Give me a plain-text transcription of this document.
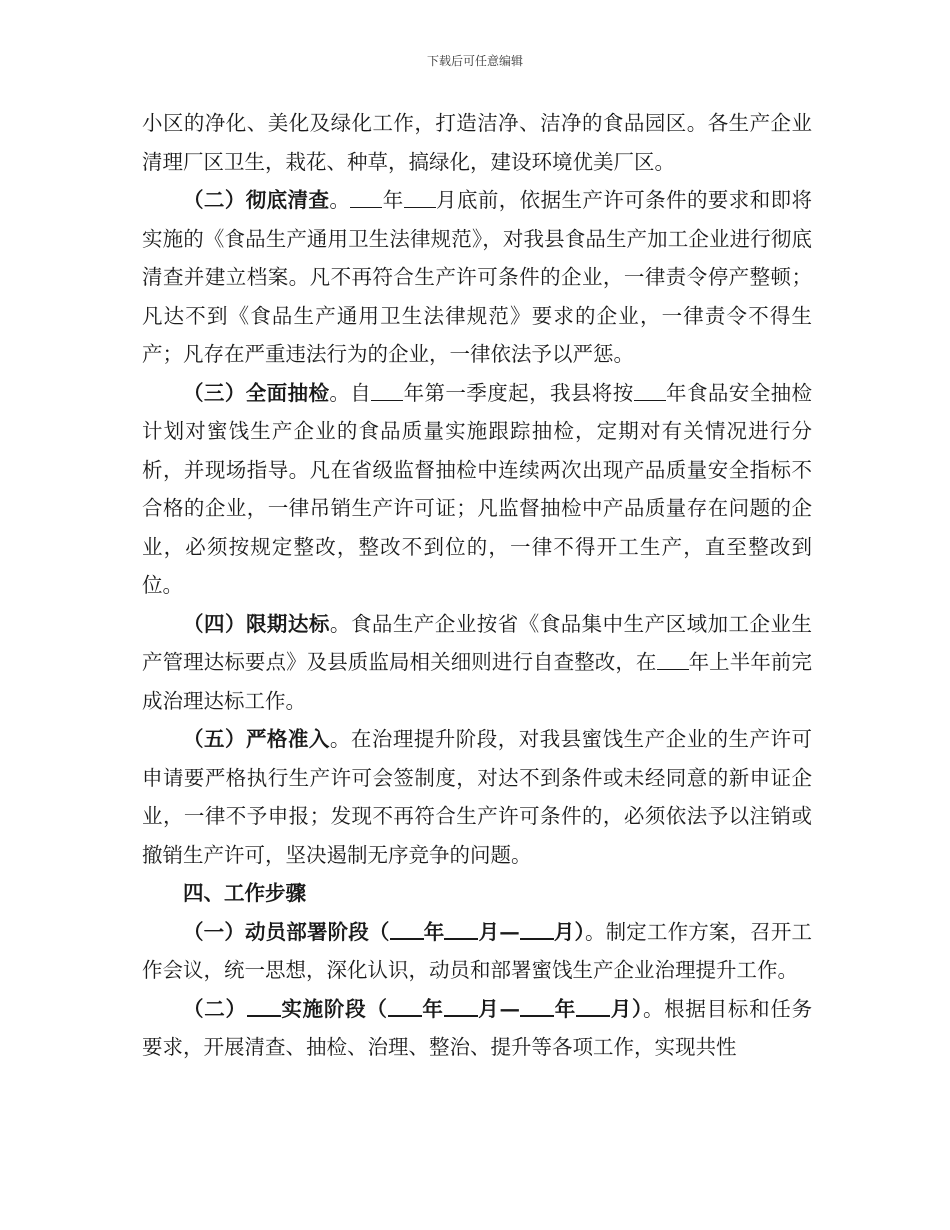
下载后可任意编辑

小区的净化、美化及绿化工作，打造洁净、洁净的食品园区。各生产企业清理厂区卫生，栽花、种草，搞绿化，建设环境优美厂区。

（二）彻底清查。 年 月底前，依据生产许可条件的要求和即将实施的《食品生产通用卫生法律规范》，对我县食品生产加工企业进行彻底清查并建立档案。凡不再符合生产许可条件的企业，一律责令停产整顿；凡达不到《食品生产通用卫生法律规范》要求的企业，一律责令不得生产；凡存在严重违法行为的企业，一律依法予以严惩。

（三）全面抽检。自 年第一季度起，我县将按 年食品安全抽检计划对蜜饯生产企业的食品质量实施跟踪抽检，定期对有关情况进行分析，并现场指导。凡在省级监督抽检中连续两次出现产品质量安全指标不合格的企业，一律吊销生产许可证；凡监督抽检中产品质量存在问题的企业，必须按规定整改，整改不到位的，一律不得开工生产，直至整改到位。

（四）限期达标。食品生产企业按省《食品集中生产区域加工企业生产管理达标要点》及县质监局相关细则进行自查整改，在 年上半年前完成治理达标工作。

（五）严格准入。在治理提升阶段，对我县蜜饯生产企业的生产许可申请要严格执行生产许可会签制度，对达不到条件或未经同意的新申证企业，一律不予申报；发现不再符合生产许可条件的，必须依法予以注销或撤销生产许可，坚决遏制无序竞争的问题。

四、工作步骤

（一）动员部署阶段（ 年 月— 月）。制定工作方案，召开工作会议，统一思想，深化认识，动员和部署蜜饯生产企业治理提升工作。

（二） 实施阶段（ 年 月— 年 月）。根据目标和任务要求，开展清查、抽检、治理、整治、提升等各项工作，实现共性
